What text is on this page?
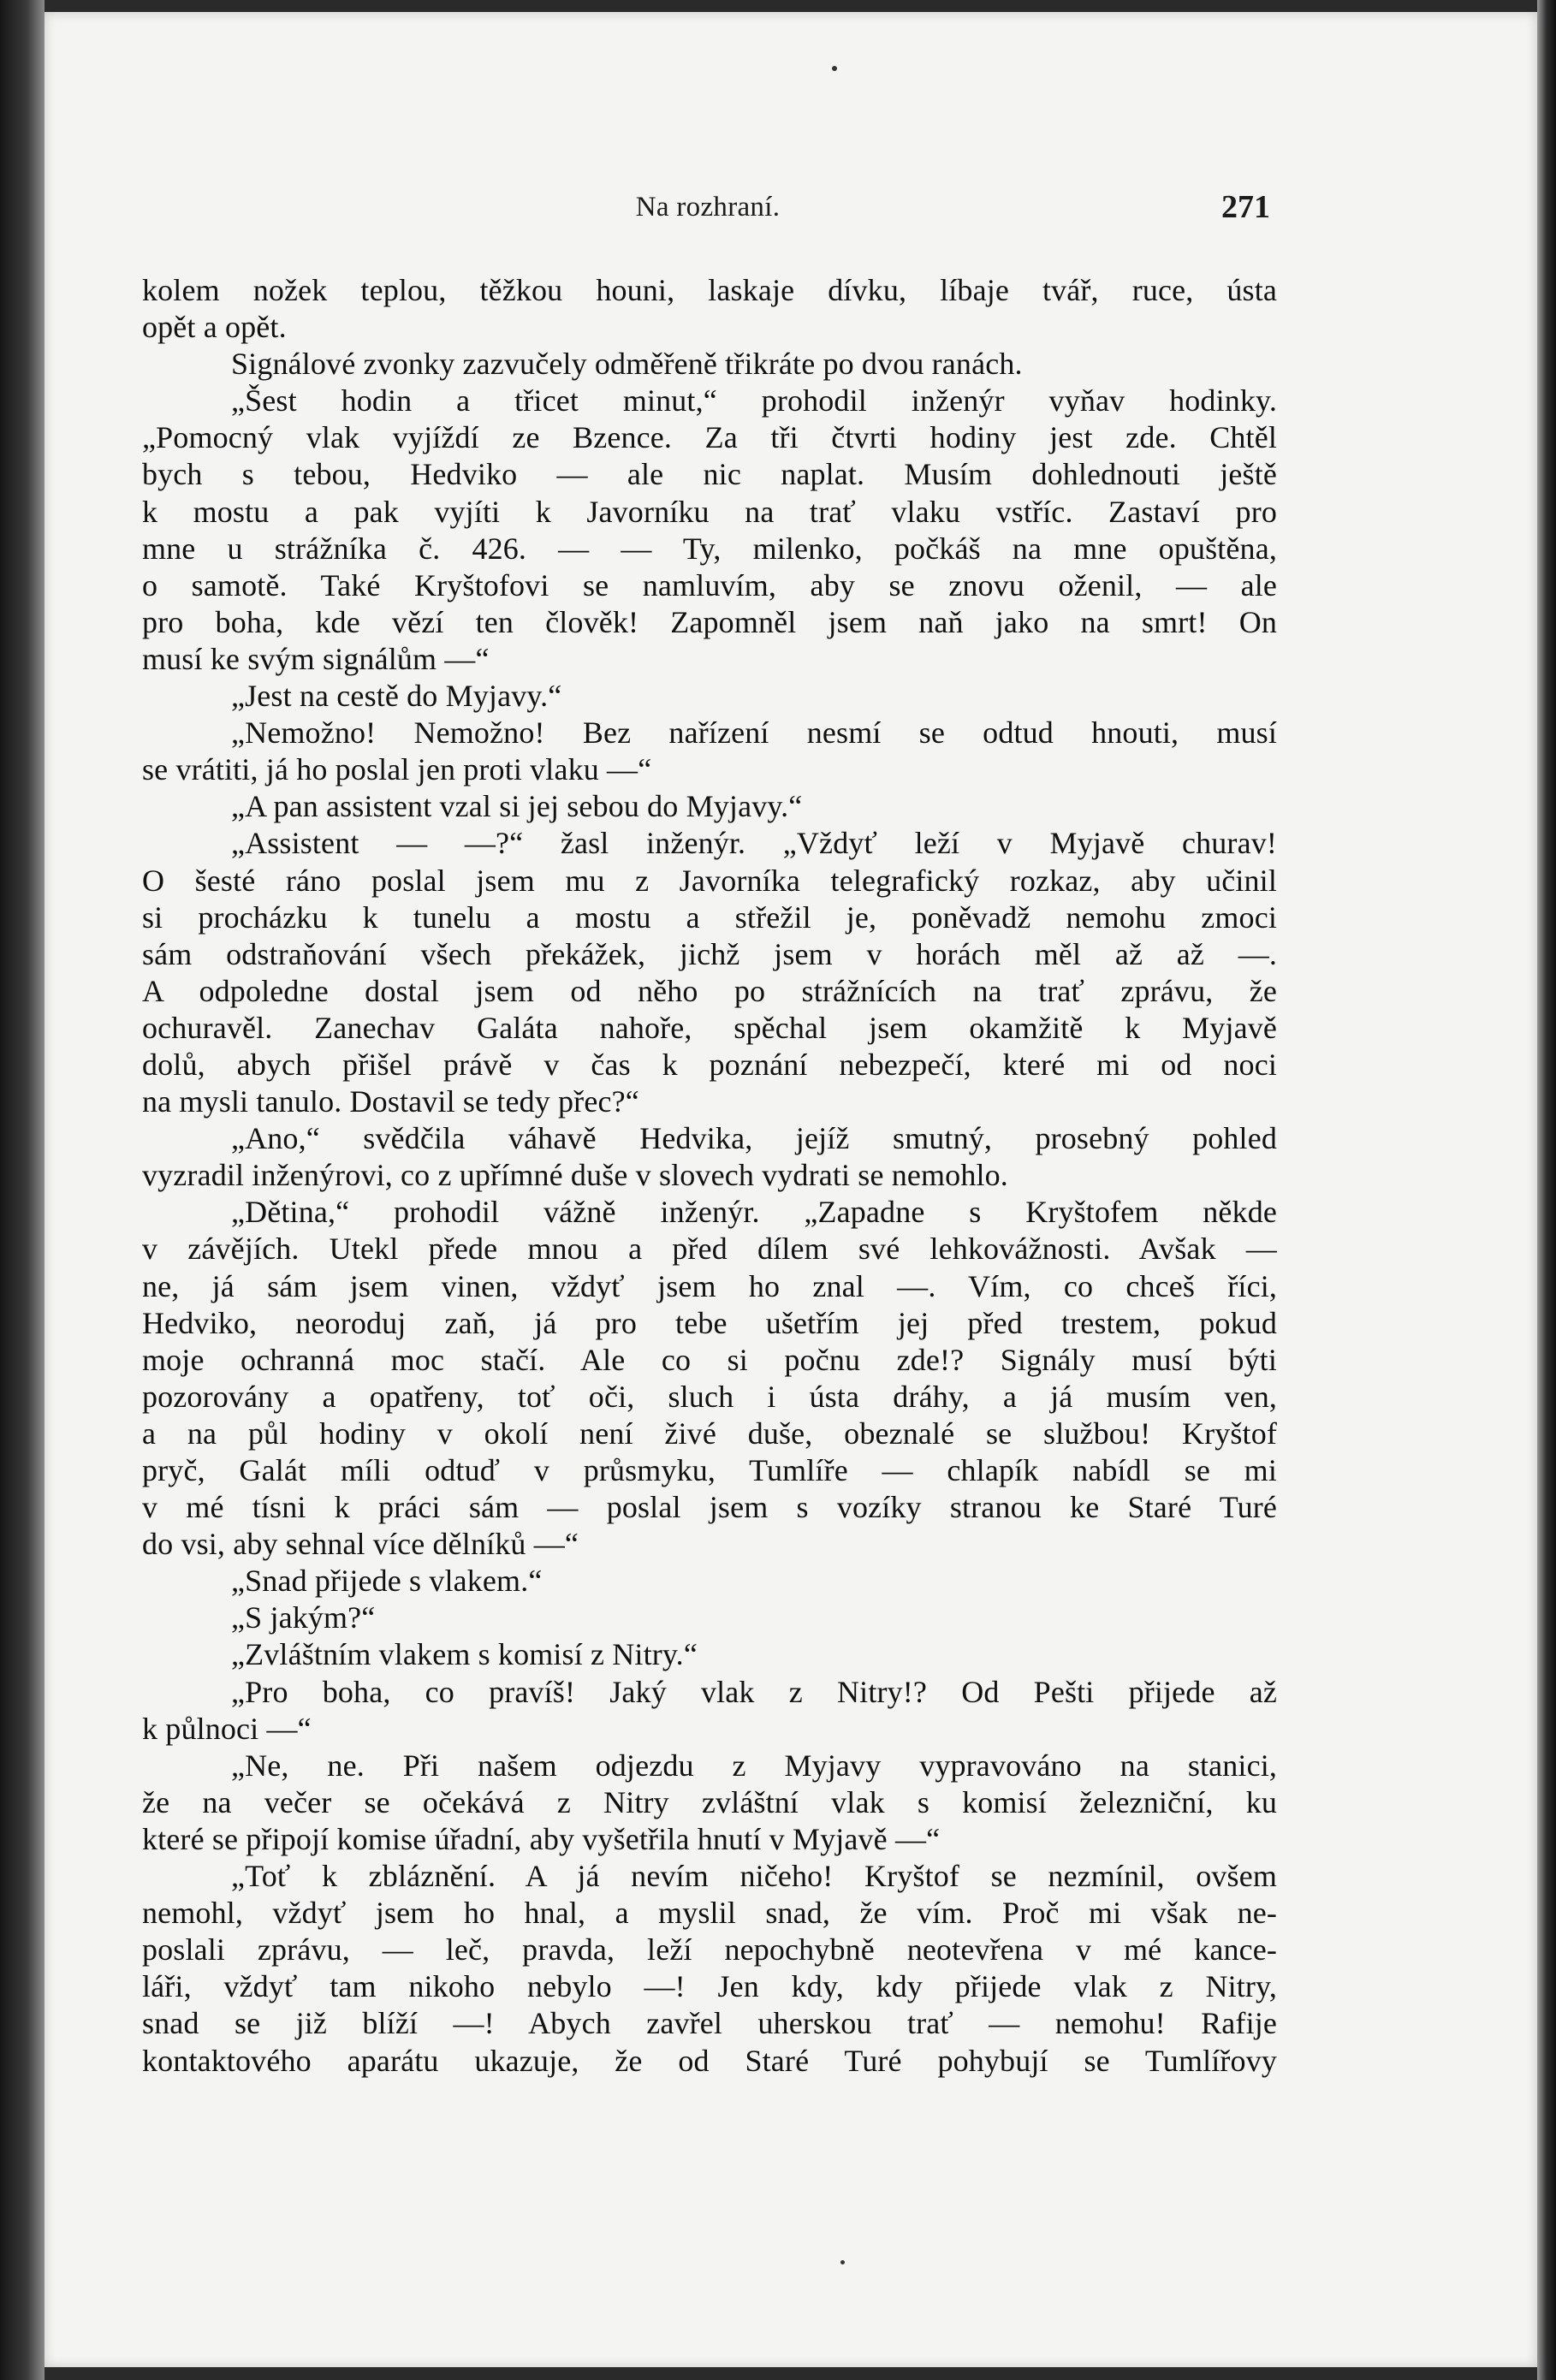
Na rozhraní.	271
kolem nožek teplou, těžkou houni, laskaje dívku, líbaje tvář, ruce, ústa
opět a opět.
Signálové zvonky zazvučely odměřeně třikráte po dvou ranách.
„Šest hodin a třicet minut,“ prohodil inženýr vyňav hodinky.
„Pomocný vlak vyjíždí ze Bzence. Za tři čtvrti hodiny jest zde. Chtěl
bych s tebou, Hedviko — ale nic naplat. Musím dohlednouti ještě
k mostu a pak vyjíti k Javorníku na trať vlaku vstříc. Zastaví pro
mne u strážníka č. 426. — — Ty, milenko, počkáš na mne opuštěna,
o samotě. Také Kryštofovi se namluvím, aby se znovu oženil, — ale
pro boha, kde vězí ten člověk! Zapomněl jsem naň jako na smrt! On
musí ke svým signálům —“
„Jest na cestě do Myjavy.“
„Nemožno! Nemožno! Bez nařízení nesmí se odtud hnouti, musí
se vrátiti, já ho poslal jen proti vlaku —“
„A pan assistent vzal si jej sebou do Myjavy.“
„Assistent — —?“ žasl inženýr. „Vždyť leží v Myjavě churav!
O šesté ráno poslal jsem mu z Javorníka telegrafický rozkaz, aby učinil
si procházku k tunelu a mostu a střežil je, poněvadž nemohu zmoci
sám odstraňování všech překážek, jichž jsem v horách měl až až —.
A odpoledne dostal jsem od něho po strážnících na trať zprávu, že
ochuravěl. Zanechav Galáta nahoře, spěchal jsem okamžitě k Myjavě
dolů, abych přišel právě v čas k poznání nebezpečí, které mi od noci
na mysli tanulo. Dostavil se tedy přec?“
„Ano,“ svědčila váhavě Hedvika, jejíž smutný, prosebný pohled
vyzradil inženýrovi, co z upřímné duše v slovech vydrati se nemohlo.
„Dětina,“ prohodil vážně inženýr. „Zapadne s Kryštofem někde
v závějích. Utekl přede mnou a před dílem své lehkovážnosti. Avšak —
ne, já sám jsem vinen, vždyť jsem ho znal —. Vím, co chceš říci,
Hedviko, neoroduj zaň, já pro tebe ušetřím jej před trestem, pokud
moje ochranná moc stačí. Ale co si počnu zde!? Signály musí býti
pozorovány a opatřeny, toť oči, sluch i ústa dráhy, a já musím ven,
a na půl hodiny v okolí není živé duše, obeznalé se službou! Kryštof
pryč, Galát míli odtuď v průsmyku, Tumlíře — chlapík nabídl se mi
v mé tísni k práci sám — poslal jsem s vozíky stranou ke Staré Turé
do vsi, aby sehnal více dělníků —“
„Snad přijede s vlakem.“
„S jakým?“
„Zvláštním vlakem s komisí z Nitry.“
„Pro boha, co pravíš! Jaký vlak z Nitry!? Od Pešti přijede až
k půlnoci —“
„Ne, ne. Při našem odjezdu z Myjavy vypravováno na stanici,
že na večer se očekává z Nitry zvláštní vlak s komisí železniční, ku
které se připojí komise úřadní, aby vyšetřila hnutí v Myjavě —“
„Toť k zbláznění. A já nevím ničeho! Kryštof se nezmínil, ovšem
nemohl, vždyť jsem ho hnal, a myslil snad, že vím. Proč mi však ne-
poslali zprávu, — leč, pravda, leží nepochybně neotevřena v mé kance-
láři, vždyť tam nikoho nebylo —! Jen kdy, kdy přijede vlak z Nitry,
snad se již blíží —! Abych zavřel uherskou trať — nemohu! Rafije
kontaktového aparátu ukazuje, že od Staré Turé pohybují se Tumlířovy
